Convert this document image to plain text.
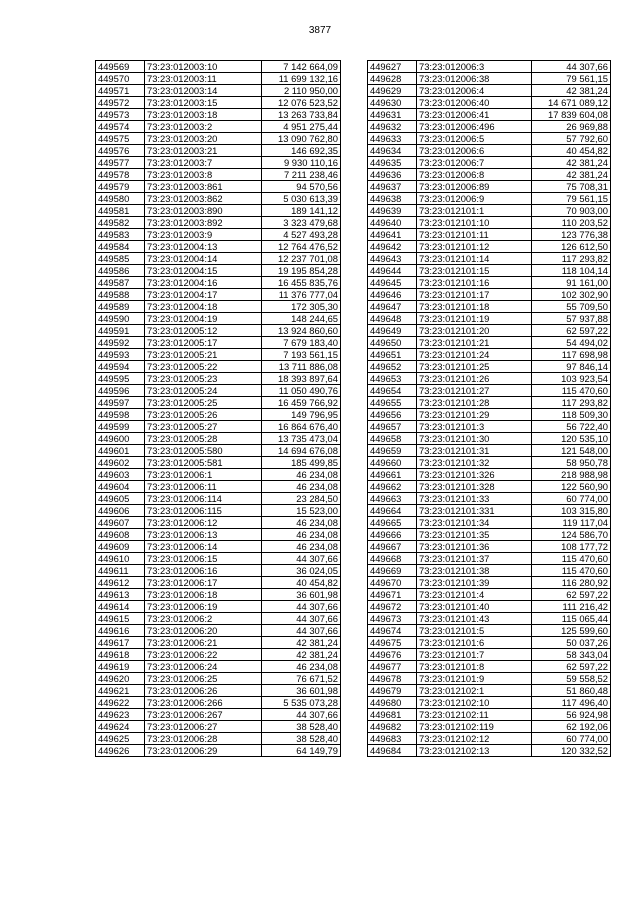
3877
449569	73:23:012003:10	7 142 664,09
449570	73:23:012003:11	11 699 132,16
449571	73:23:012003:14	2 110 950,00
449572	73:23:012003:15	12 076 523,52
449573	73:23:012003:18	13 263 733,84
449574	73:23:012003:2	4 951 275,44
449575	73:23:012003:20	13 090 762,80
449576	73:23:012003:21	146 692,35
449577	73:23:012003:7	9 930 110,16
449578	73:23:012003:8	7 211 238,46
449579	73:23:012003:861	94 570,56
449580	73:23:012003:862	5 030 613,39
449581	73:23:012003:890	189 141,12
449582	73:23:012003:892	3 323 479,68
449583	73:23:012003:9	4 527 493,28
449584	73:23:012004:13	12 764 476,52
449585	73:23:012004:14	12 237 701,08
449586	73:23:012004:15	19 195 854,28
449587	73:23:012004:16	16 455 835,76
449588	73:23:012004:17	11 376 777,04
449589	73:23:012004:18	172 305,30
449590	73:23:012004:19	148 244,65
449591	73:23:012005:12	13 924 860,60
449592	73:23:012005:17	7 679 183,40
449593	73:23:012005:21	7 193 561,15
449594	73:23:012005:22	13 711 886,08
449595	73:23:012005:23	18 393 897,64
449596	73:23:012005:24	11 050 490,76
449597	73:23:012005:25	16 459 766,92
449598	73:23:012005:26	149 796,95
449599	73:23:012005:27	16 864 676,40
449600	73:23:012005:28	13 735 473,04
449601	73:23:012005:580	14 694 676,08
449602	73:23:012005:581	185 499,85
449603	73:23:012006:1	46 234,08
449604	73:23:012006:11	46 234,08
449605	73:23:012006:114	23 284,50
449606	73:23:012006:115	15 523,00
449607	73:23:012006:12	46 234,08
449608	73:23:012006:13	46 234,08
449609	73:23:012006:14	46 234,08
449610	73:23:012006:15	44 307,66
449611	73:23:012006:16	36 024,05
449612	73:23:012006:17	40 454,82
449613	73:23:012006:18	36 601,98
449614	73:23:012006:19	44 307,66
449615	73:23:012006:2	44 307,66
449616	73:23:012006:20	44 307,66
449617	73:23:012006:21	42 381,24
449618	73:23:012006:22	42 381,24
449619	73:23:012006:24	46 234,08
449620	73:23:012006:25	76 671,52
449621	73:23:012006:26	36 601,98
449622	73:23:012006:266	5 535 073,28
449623	73:23:012006:267	44 307,66
449624	73:23:012006:27	38 528,40
449625	73:23:012006:28	38 528,40
449626	73:23:012006:29	64 149,79
449627	73:23:012006:3	44 307,66
449628	73:23:012006:38	79 561,15
449629	73:23:012006:4	42 381,24
449630	73:23:012006:40	14 671 089,12
449631	73:23:012006:41	17 839 604,08
449632	73:23:012006:496	26 969,88
449633	73:23:012006:5	57 792,60
449634	73:23:012006:6	40 454,82
449635	73:23:012006:7	42 381,24
449636	73:23:012006:8	42 381,24
449637	73:23:012006:89	75 708,31
449638	73:23:012006:9	79 561,15
449639	73:23:012101:1	70 903,00
449640	73:23:012101:10	110 203,52
449641	73:23:012101:11	123 776,38
449642	73:23:012101:12	126 612,50
449643	73:23:012101:14	117 293,82
449644	73:23:012101:15	118 104,14
449645	73:23:012101:16	91 161,00
449646	73:23:012101:17	102 302,90
449647	73:23:012101:18	55 709,50
449648	73:23:012101:19	57 937,88
449649	73:23:012101:20	62 597,22
449650	73:23:012101:21	54 494,02
449651	73:23:012101:24	117 698,98
449652	73:23:012101:25	97 846,14
449653	73:23:012101:26	103 923,54
449654	73:23:012101:27	115 470,60
449655	73:23:012101:28	117 293,82
449656	73:23:012101:29	118 509,30
449657	73:23:012101:3	56 722,40
449658	73:23:012101:30	120 535,10
449659	73:23:012101:31	121 548,00
449660	73:23:012101:32	58 950,78
449661	73:23:012101:326	218 988,98
449662	73:23:012101:328	122 560,90
449663	73:23:012101:33	60 774,00
449664	73:23:012101:331	103 315,80
449665	73:23:012101:34	119 117,04
449666	73:23:012101:35	124 586,70
449667	73:23:012101:36	108 177,72
449668	73:23:012101:37	115 470,60
449669	73:23:012101:38	115 470,60
449670	73:23:012101:39	116 280,92
449671	73:23:012101:4	62 597,22
449672	73:23:012101:40	111 216,42
449673	73:23:012101:43	115 065,44
449674	73:23:012101:5	125 599,60
449675	73:23:012101:6	50 037,26
449676	73:23:012101:7	58 343,04
449677	73:23:012101:8	62 597,22
449678	73:23:012101:9	59 558,52
449679	73:23:012102:1	51 860,48
449680	73:23:012102:10	117 496,40
449681	73:23:012102:11	56 924,98
449682	73:23:012102:119	62 192,06
449683	73:23:012102:12	60 774,00
449684	73:23:012102:13	120 332,52
